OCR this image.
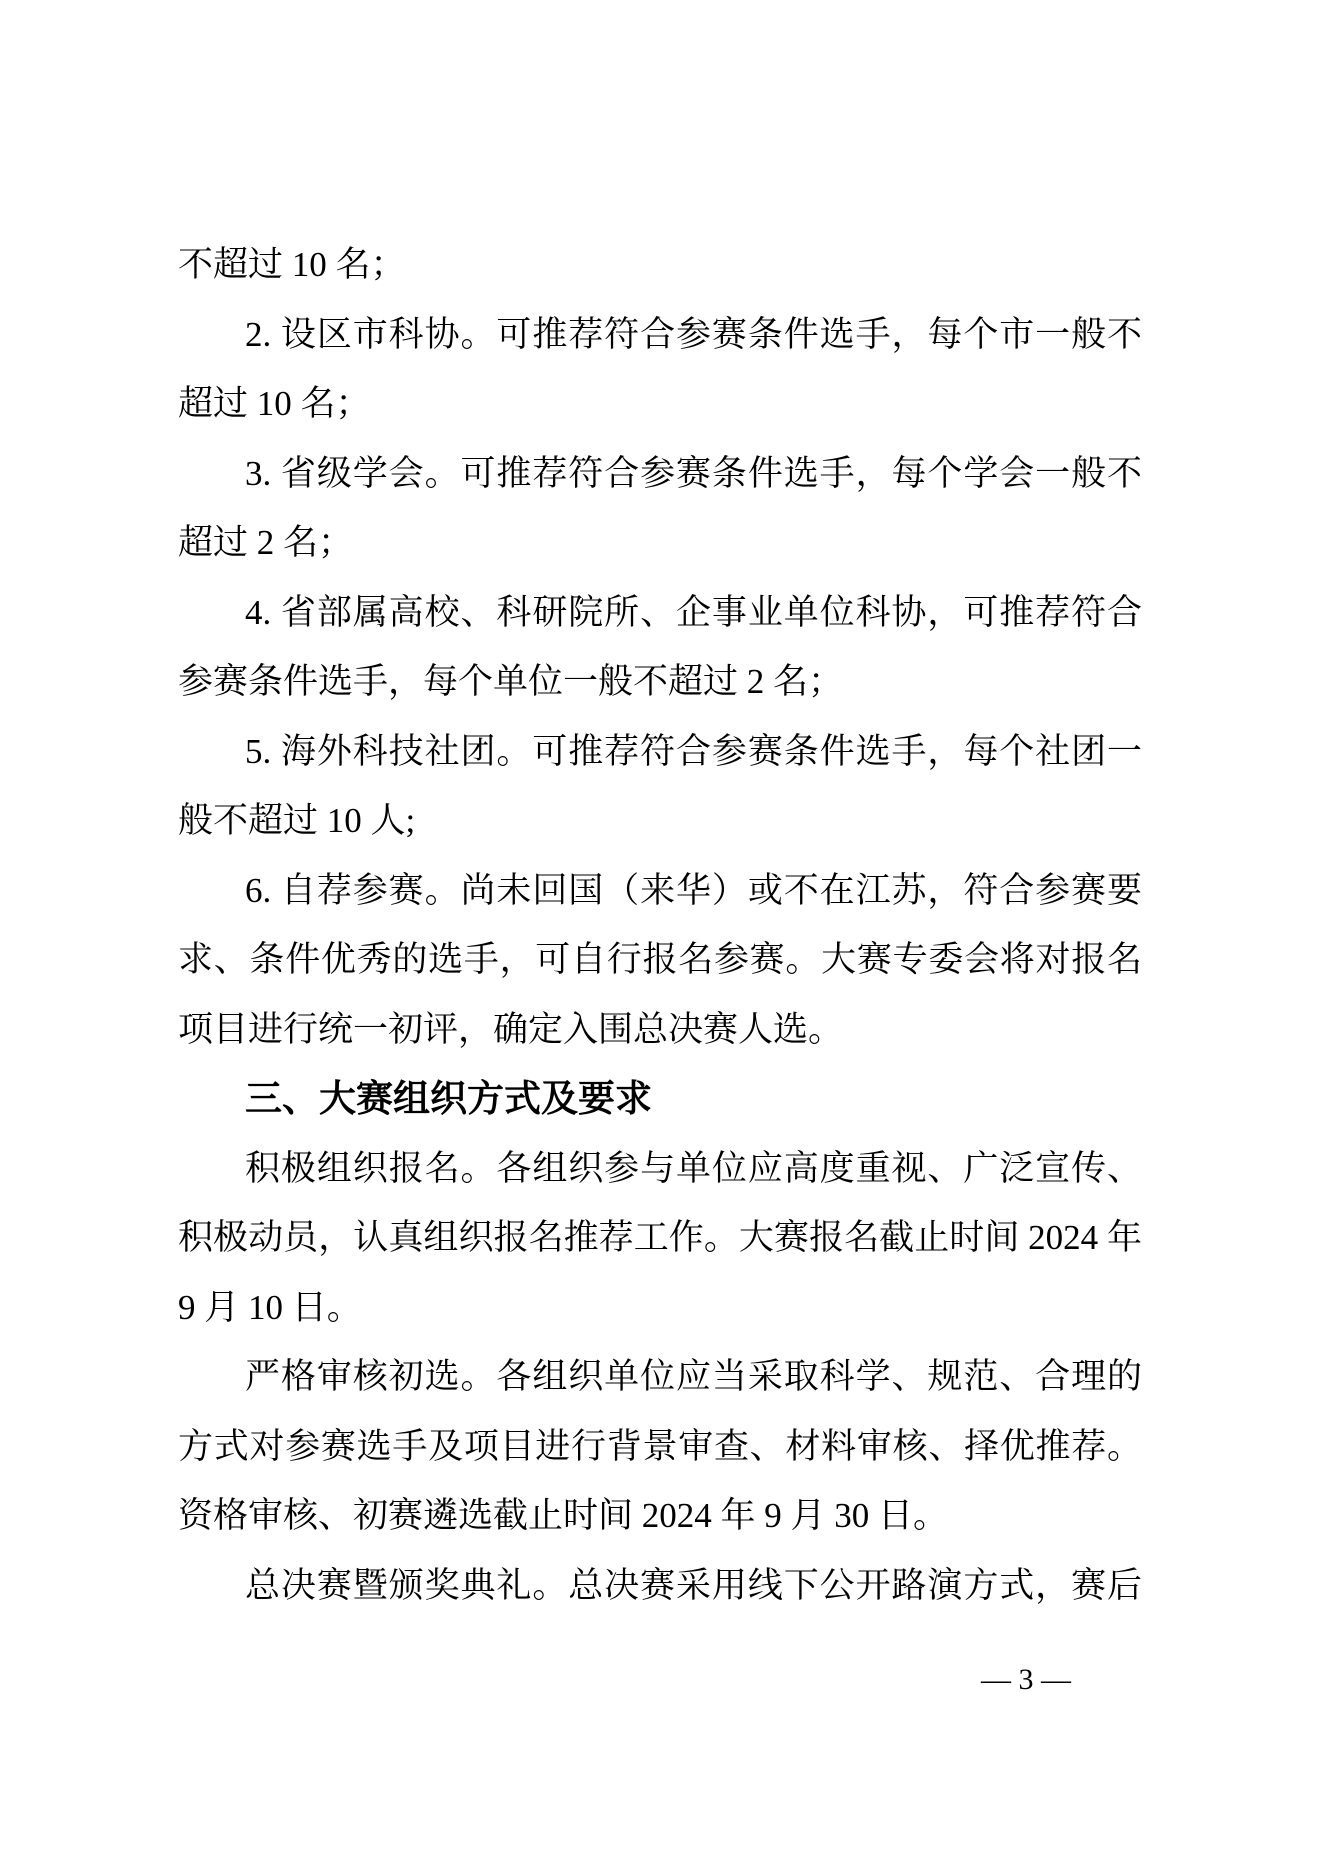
不超过 10 名；
2. 设区市科协。可推荐符合参赛条件选手，每个市一般不
超过 10 名；
3. 省级学会。可推荐符合参赛条件选手，每个学会一般不
超过 2 名；
4. 省部属高校、科研院所、企事业单位科协，可推荐符合
参赛条件选手，每个单位一般不超过 2 名；
5. 海外科技社团。可推荐符合参赛条件选手，每个社团一
般不超过 10 人;
6. 自荐参赛。尚未回国（来华）或不在江苏，符合参赛要
求、条件优秀的选手，可自行报名参赛。大赛专委会将对报名
项目进行统一初评，确定入围总决赛人选。
三、大赛组织方式及要求
积极组织报名。各组织参与单位应高度重视、广泛宣传、
积极动员，认真组织报名推荐工作。大赛报名截止时间 2024 年
9 月 10 日。
严格审核初选。各组织单位应当采取科学、规范、合理的
方式对参赛选手及项目进行背景审查、材料审核、择优推荐。
资格审核、初赛遴选截止时间 2024 年 9 月 30 日。
总决赛暨颁奖典礼。总决赛采用线下公开路演方式，赛后
— 3 —
